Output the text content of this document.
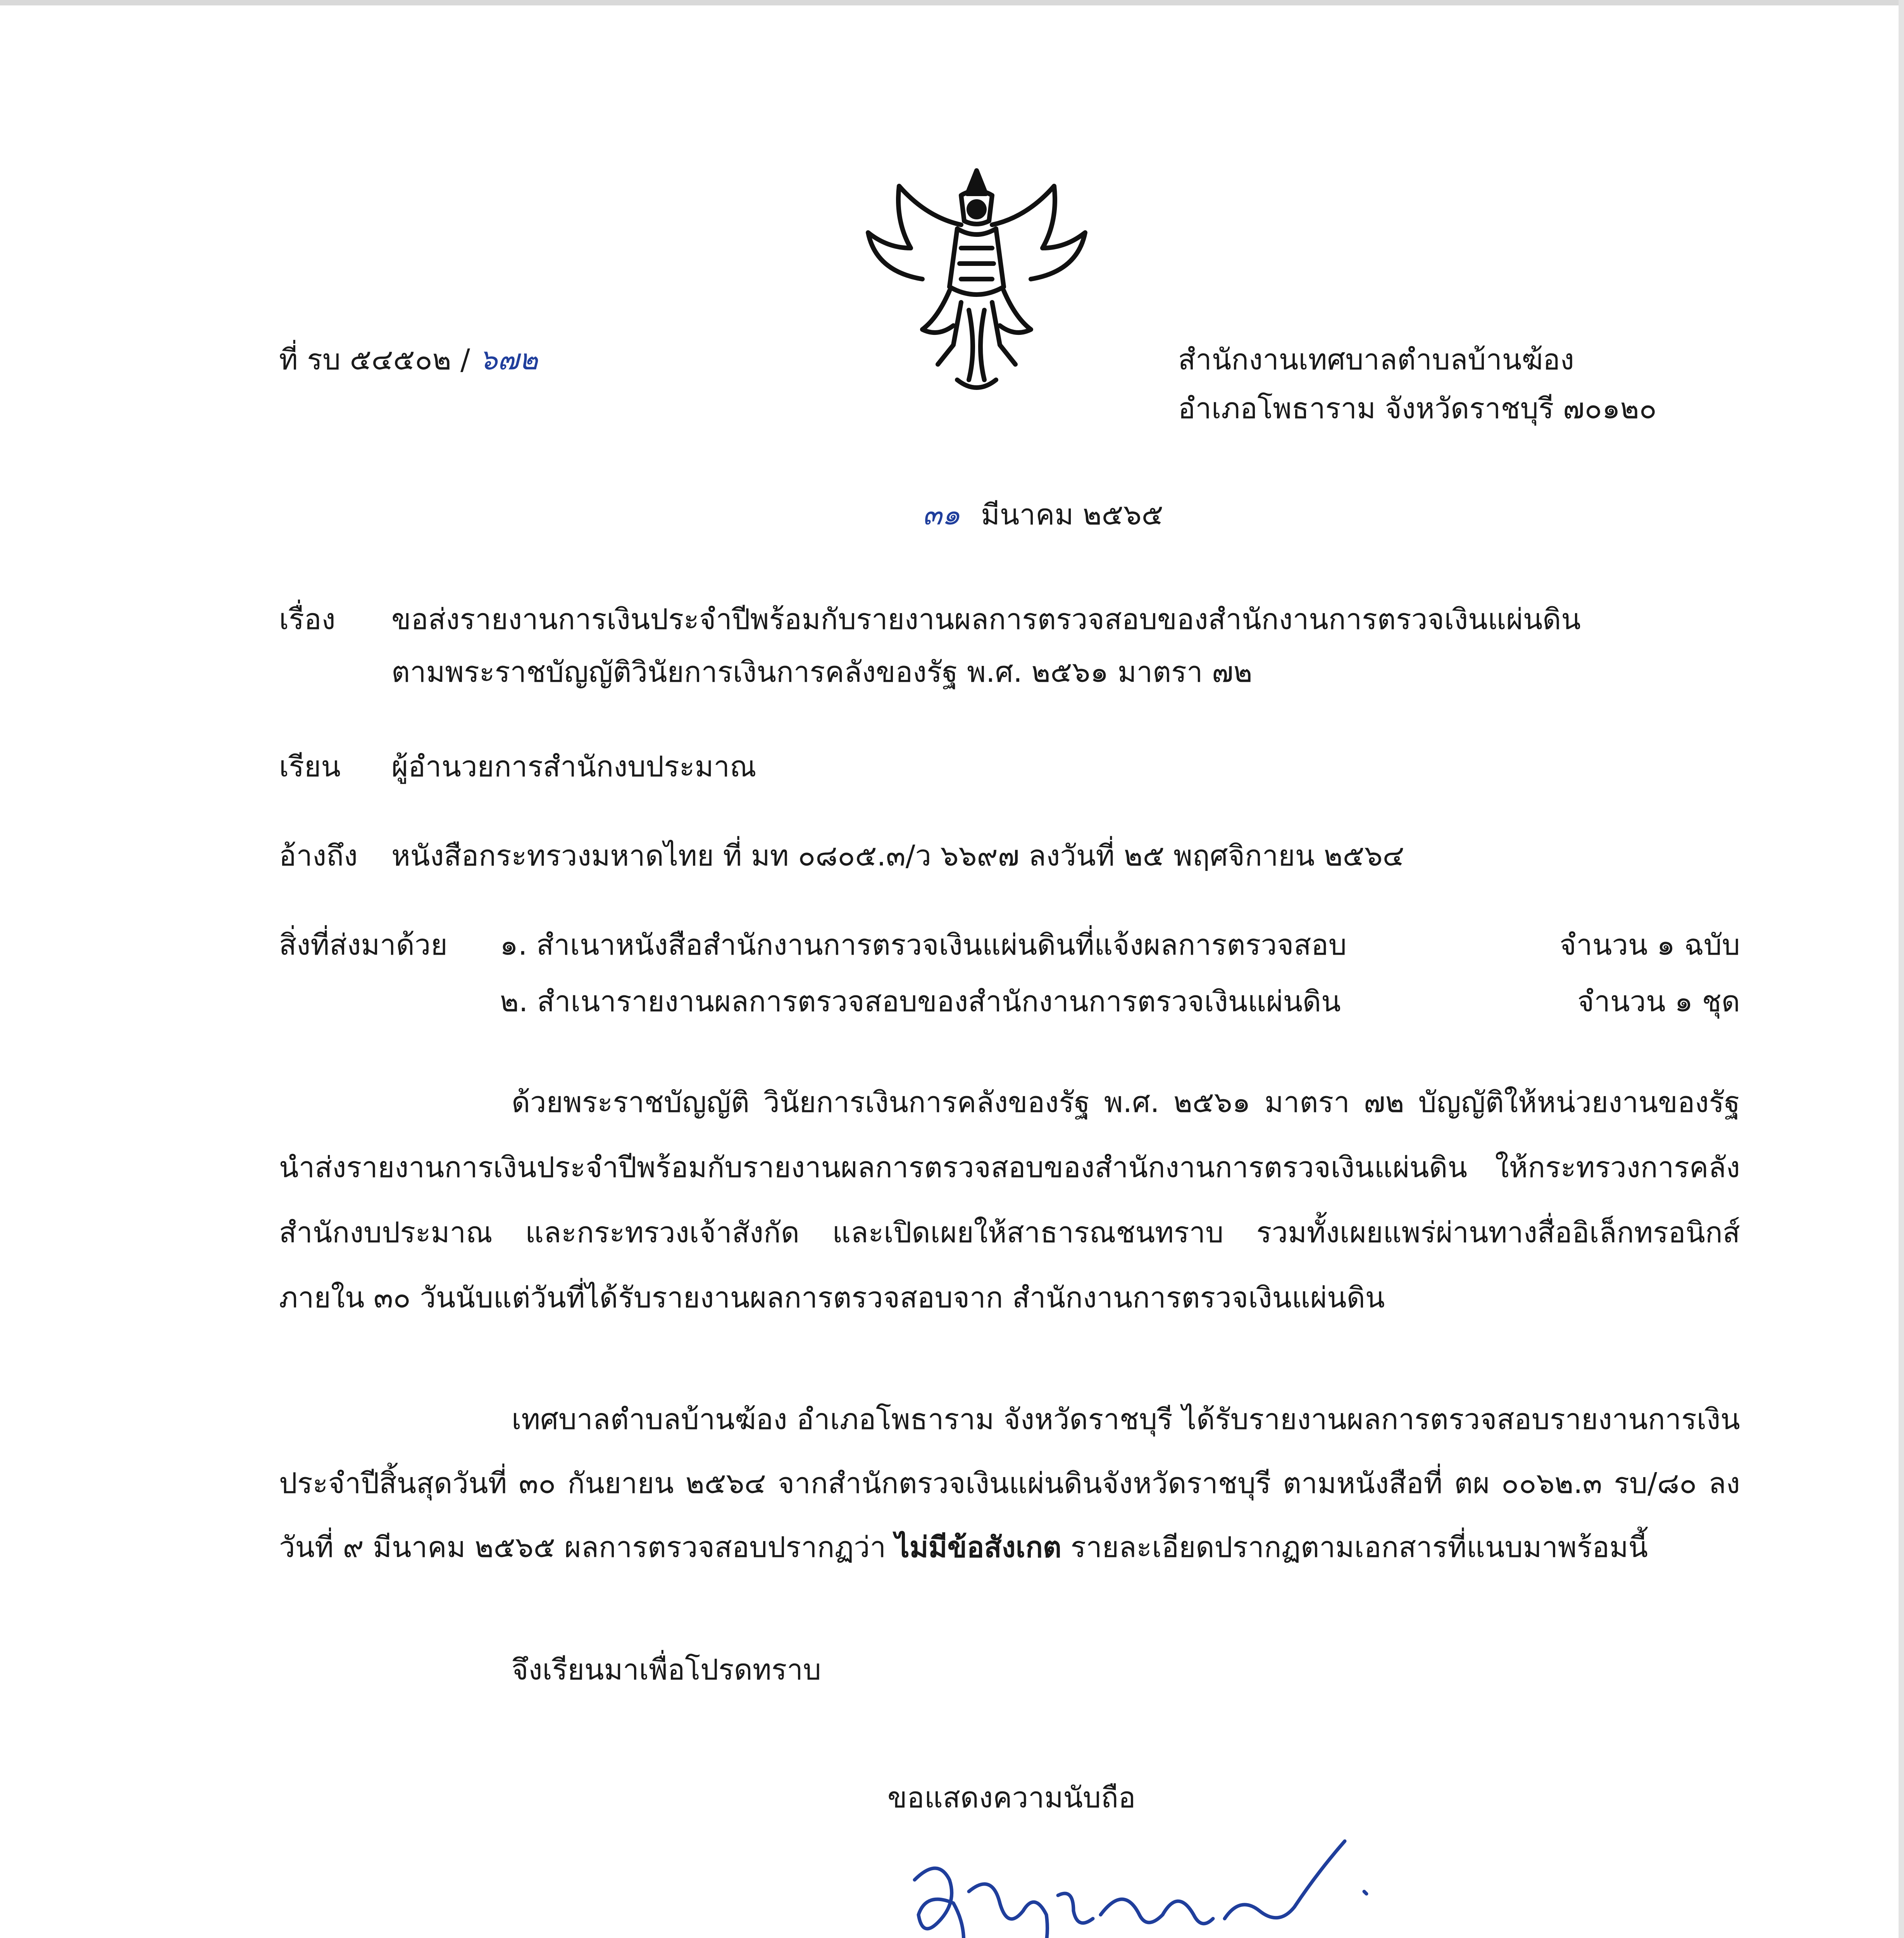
ที่ รบ ๕๔๕๐๒ / ๖๗๒	สำนักงานเทศบาลตำบลบ้านฆ้อง
อำเภอโพธาราม จังหวัดราชบุรี ๗๐๑๒๐
๓๑ มีนาคม ๒๕๖๕
เรื่อง ขอส่งรายงานการเงินประจำปีพร้อมกับรายงานผลการตรวจสอบของสำนักงานการตรวจเงินแผ่นดิน
ตามพระราชบัญญัติวินัยการเงินการคลังของรัฐ พ.ศ. ๒๕๖๑ มาตรา ๗๒
เรียน ผู้อำนวยการสำนักงบประมาณ
อ้างถึง หนังสือกระทรวงมหาดไทย ที่ มท ๐๘๐๕.๓/ว ๖๖๙๗ ลงวันที่ ๒๕ พฤศจิกายน ๒๕๖๔
สิ่งที่ส่งมาด้วย ๑. สำเนาหนังสือสำนักงานการตรวจเงินแผ่นดินที่แจ้งผลการตรวจสอบ	จำนวน ๑ ฉบับ
๒. สำเนารายงานผลการตรวจสอบของสำนักงานการตรวจเงินแผ่นดิน	จำนวน ๑ ชุด
ด้วยพระราชบัญญัติ วินัยการเงินการคลังของรัฐ พ.ศ. ๒๕๖๑ มาตรา ๗๒ บัญญัติให้หน่วยงานของรัฐนำส่งรายงานการเงินประจำปีพร้อมกับรายงานผลการตรวจสอบของสำนักงานการตรวจเงินแผ่นดิน ให้กระทรวงการคลัง สำนักงบประมาณ และกระทรวงเจ้าสังกัด และเปิดเผยให้สาธารณชนทราบ รวมทั้งเผยแพร่ผ่านทางสื่ออิเล็กทรอนิกส์ ภายใน ๓๐ วันนับแต่วันที่ได้รับรายงานผลการตรวจสอบจาก สำนักงานการตรวจเงินแผ่นดิน
เทศบาลตำบลบ้านฆ้อง อำเภอโพธาราม จังหวัดราชบุรี ได้รับรายงานผลการตรวจสอบรายงานการเงินประจำปีสิ้นสุดวันที่ ๓๐ กันยายน ๒๕๖๔ จากสำนักตรวจเงินแผ่นดินจังหวัดราชบุรี ตามหนังสือที่ ตผ ๐๐๖๒.๓ รบ/๘๐ ลงวันที่ ๙ มีนาคม ๒๕๖๕ ผลการตรวจสอบปรากฏว่า ไม่มีข้อสังเกต รายละเอียดปรากฏตามเอกสารที่แนบมาพร้อมนี้
จึงเรียนมาเพื่อโปรดทราบ
ขอแสดงความนับถือ
